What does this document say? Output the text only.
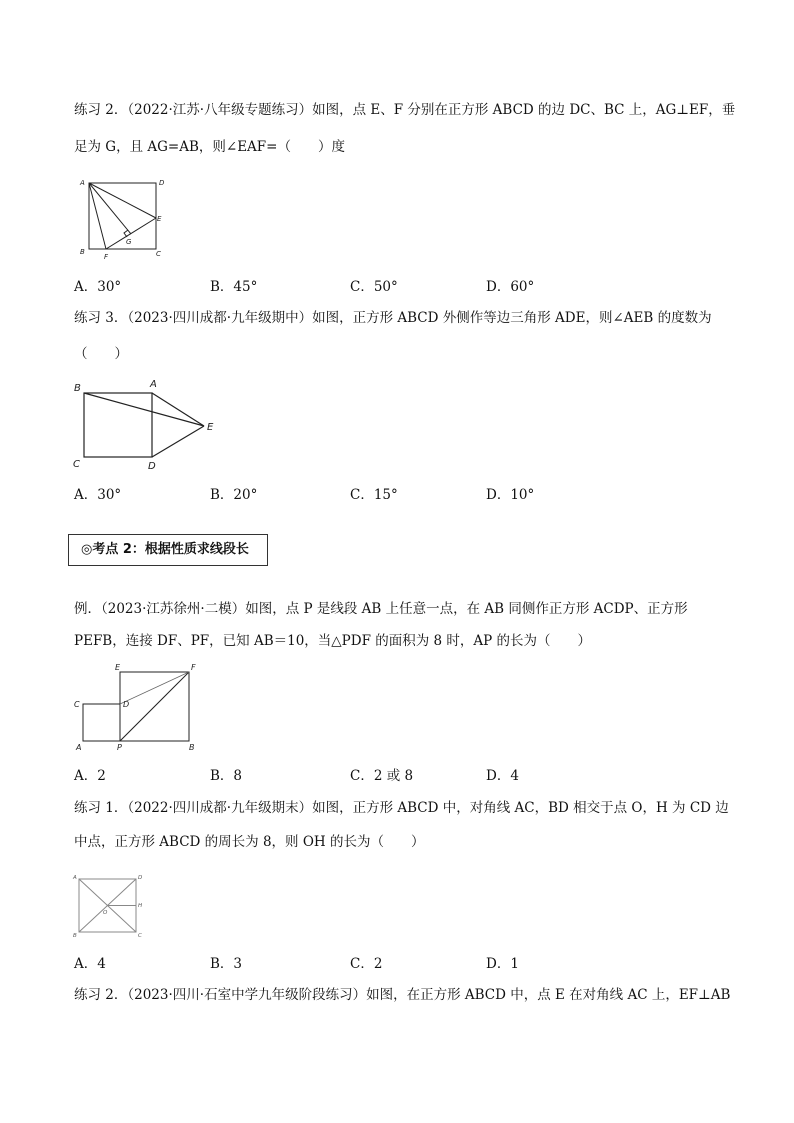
练习 2．（2022·江苏·八年级专题练习）如图，点 E、F 分别在正方形 ABCD 的边 DC、BC 上，AG⊥EF，垂
足为 G，且 AG=AB，则∠EAF=（　　）度
A	D
E
B
F
G
C
A．30°	B．45°	C．50°	D．60°
练习 3．（2023·四川成都·九年级期中）如图，正方形 ABCD 外侧作等边三角形 ADE，则∠AEB 的度数为
（　　）
B	A
E
C	D
A．30°	B．20°	C．15°	D．10°
◎考点 2：根据性质求线段长
例．（2023·江苏徐州·二模）如图，点 P 是线段 AB 上任意一点，在 AB 同侧作正方形 ACDP、正方形
PEFB，连接 DF、PF，已知 AB＝10，当△PDF 的面积为 8 时，AP 的长为（　　）
E	F
C	D
A	P	B
A．2	B．8	C．2 或 8	D．4
练习 1．（2022·四川成都·九年级期末）如图，正方形 ABCD 中，对角线 AC，BD 相交于点 O，H 为 CD 边
中点，正方形 ABCD 的周长为 8，则 OH 的长为（　　）
A	D
H
O
B	C
A．4	B．3	C．2	D．1
练习 2．（2023·四川·石室中学九年级阶段练习）如图，在正方形 ABCD 中，点 E 在对角线 AC 上，EF⊥AB
